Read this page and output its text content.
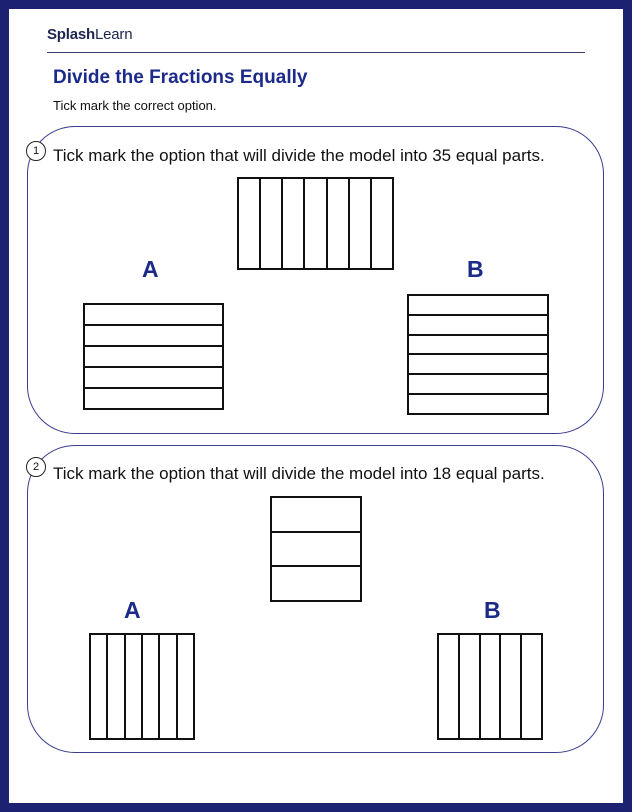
SplashLearn
Divide the Fractions Equally
Tick mark the correct option.
1 Tick mark the option that will divide the model into 35 equal parts.
A	B
2 Tick mark the option that will divide the model into 18 equal parts.
A	B
